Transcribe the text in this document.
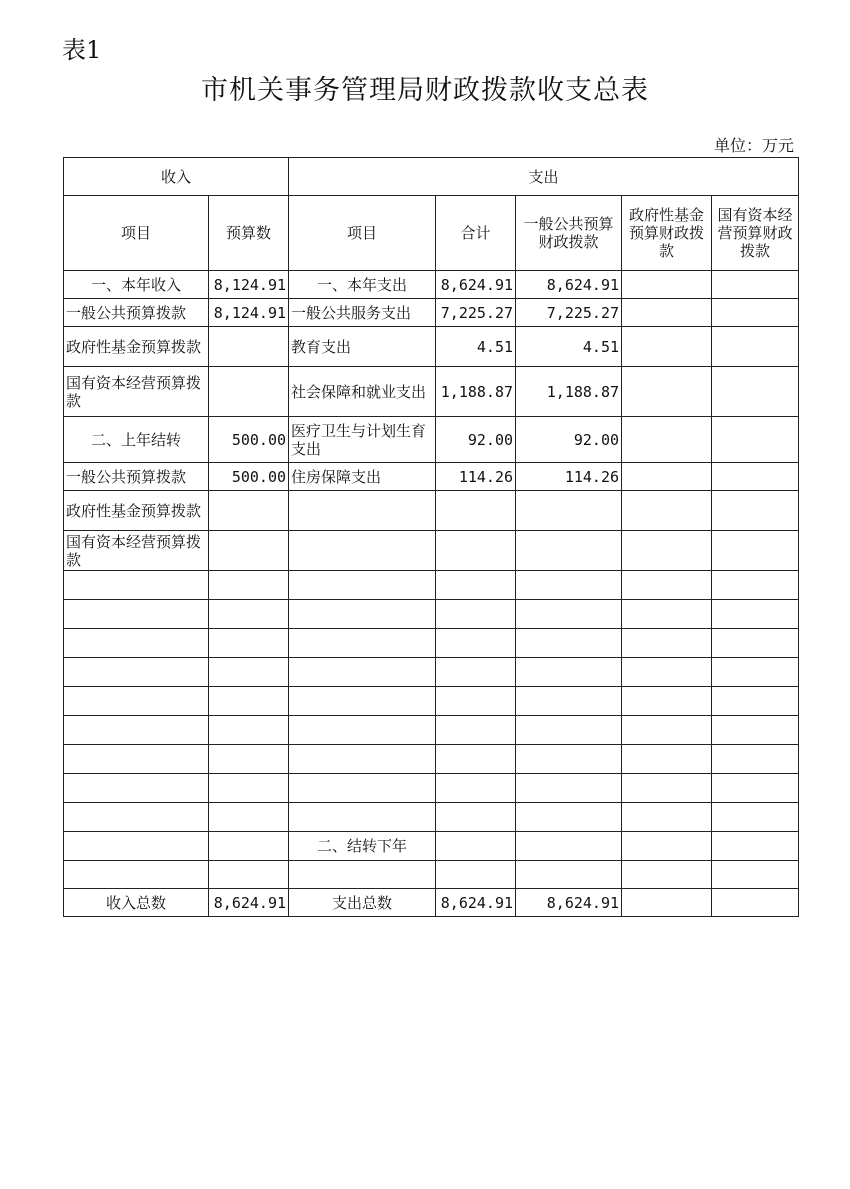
表1
市机关事务管理局财政拨款收支总表
单位：万元
收入		支出				
项目	预算数	项目	合计	一般公共预算财政拨款	政府性基金预算财政拨款	国有资本经营预算财政拨款
一、本年收入	8,124.91	一、本年支出	8,624.91	8,624.91		
一般公共预算拨款	8,124.91	一般公共服务支出	7,225.27	7,225.27		
政府性基金预算拨款		教育支出	4.51	4.51		
国有资本经营预算拨款		社会保障和就业支出	1,188.87	1,188.87		
二、上年结转	500.00	医疗卫生与计划生育支出	92.00	92.00		
一般公共预算拨款	500.00	住房保障支出	114.26	114.26		
政府性基金预算拨款						
国有资本经营预算拨款						

		二、结转下年				

收入总数	8,624.91	支出总数	8,624.91	8,624.91		
